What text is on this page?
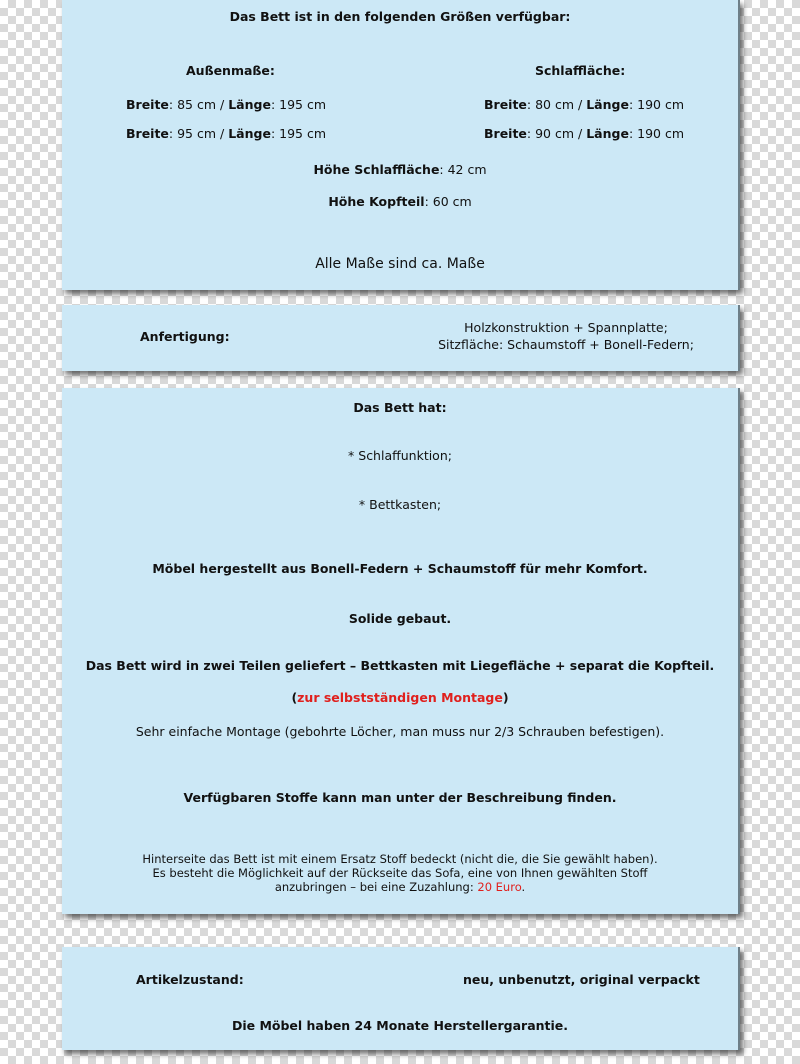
Das Bett ist in den folgenden Größen verfügbar:
Außenmaße:
Breite: 85 cm / Länge: 195 cm
Breite: 95 cm / Länge: 195 cm
Schlaffläche:
Breite: 80 cm / Länge: 190 cm
Breite: 90 cm / Länge: 190 cm
Höhe Schlaffläche: 42 cm
Höhe Kopfteil: 60 cm
Alle Maße sind ca. Maße
Anfertigung:
Holzkonstruktion + Spannplatte;
Sitzfläche: Schaumstoff + Bonell-Federn;
Das Bett hat:
* Schlaffunktion;
* Bettkasten;
Möbel hergestellt aus Bonell-Federn + Schaumstoff für mehr Komfort.
Solide gebaut.
Das Bett wird in zwei Teilen geliefert – Bettkasten mit Liegefläche + separat die Kopfteil.
(zur selbstständigen Montage)
Sehr einfache Montage (gebohrte Löcher, man muss nur 2/3 Schrauben befestigen).
Verfügbaren Stoffe kann man unter der Beschreibung finden.
Hinterseite das Bett ist mit einem Ersatz Stoff bedeckt (nicht die, die Sie gewählt haben).
Es besteht die Möglichkeit auf der Rückseite das Sofa, eine von Ihnen gewählten Stoff
anzubringen – bei eine Zuzahlung: 20 Euro.
Artikelzustand:	neu, unbenutzt, original verpackt
Die Möbel haben 24 Monate Herstellergarantie.
